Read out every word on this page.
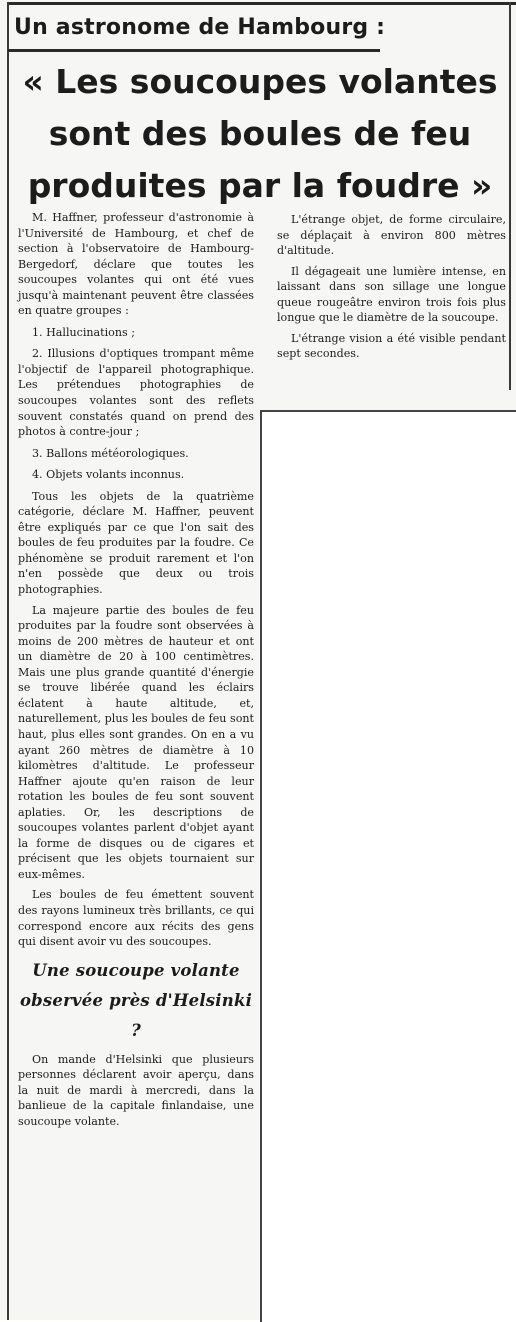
Un astronome de Hambourg :
« Les soucoupes volantes
sont des boules de feu
produites par la foudre »

M. Haffner, professeur d'astronomie à l'Université de Hambourg, et chef de section à l'observatoire de Hambourg-Bergedorf, déclare que toutes les soucoupes volantes qui ont été vues jusqu'à maintenant peuvent être classées en quatre groupes :

1. Hallucinations ;

2. Illusions d'optiques trompant même l'objectif de l'appareil photographique. Les prétendues photographies de soucoupes volantes sont des reflets souvent constatés quand on prend des photos à contre-jour ;

3. Ballons météorologiques.

4. Objets volants inconnus.

Tous les objets de la quatrième catégorie, déclare M. Haffner, peuvent être expliqués par ce que l'on sait des boules de feu produites par la foudre. Ce phénomène se produit rarement et l'on n'en possède que deux ou trois photographies.

La majeure partie des boules de feu produites par la foudre sont observées à moins de 200 mètres de hauteur et ont un diamètre de 20 à 100 centimètres. Mais une plus grande quantité d'énergie se trouve libérée quand les éclairs éclatent à haute altitude, et, naturellement, plus les boules de feu sont haut, plus elles sont grandes. On en a vu ayant 260 mètres de diamètre à 10 kilomètres d'altitude. Le professeur Haffner ajoute qu'en raison de leur rotation les boules de feu sont souvent aplaties. Or, les descriptions de soucoupes volantes parlent d'objet ayant la forme de disques ou de cigares et précisent que les objets tournaient sur eux-mêmes.

Les boules de feu émettent souvent des rayons lumineux très brillants, ce qui correspond encore aux récits des gens qui disent avoir vu des soucoupes.

Une soucoupe volante
observée près d'Helsinki ?

On mande d'Helsinki que plusieurs personnes déclarent avoir aperçu, dans la nuit de mardi à mercredi, dans la banlieue de la capitale finlandaise, une soucoupe volante.

L'étrange objet, de forme circulaire, se déplaçait à environ 800 mètres d'altitude.

Il dégageait une lumière intense, en laissant dans son sillage une longue queue rougeâtre environ trois fois plus longue que le diamètre de la soucoupe.

L'étrange vision a été visible pendant sept secondes.
